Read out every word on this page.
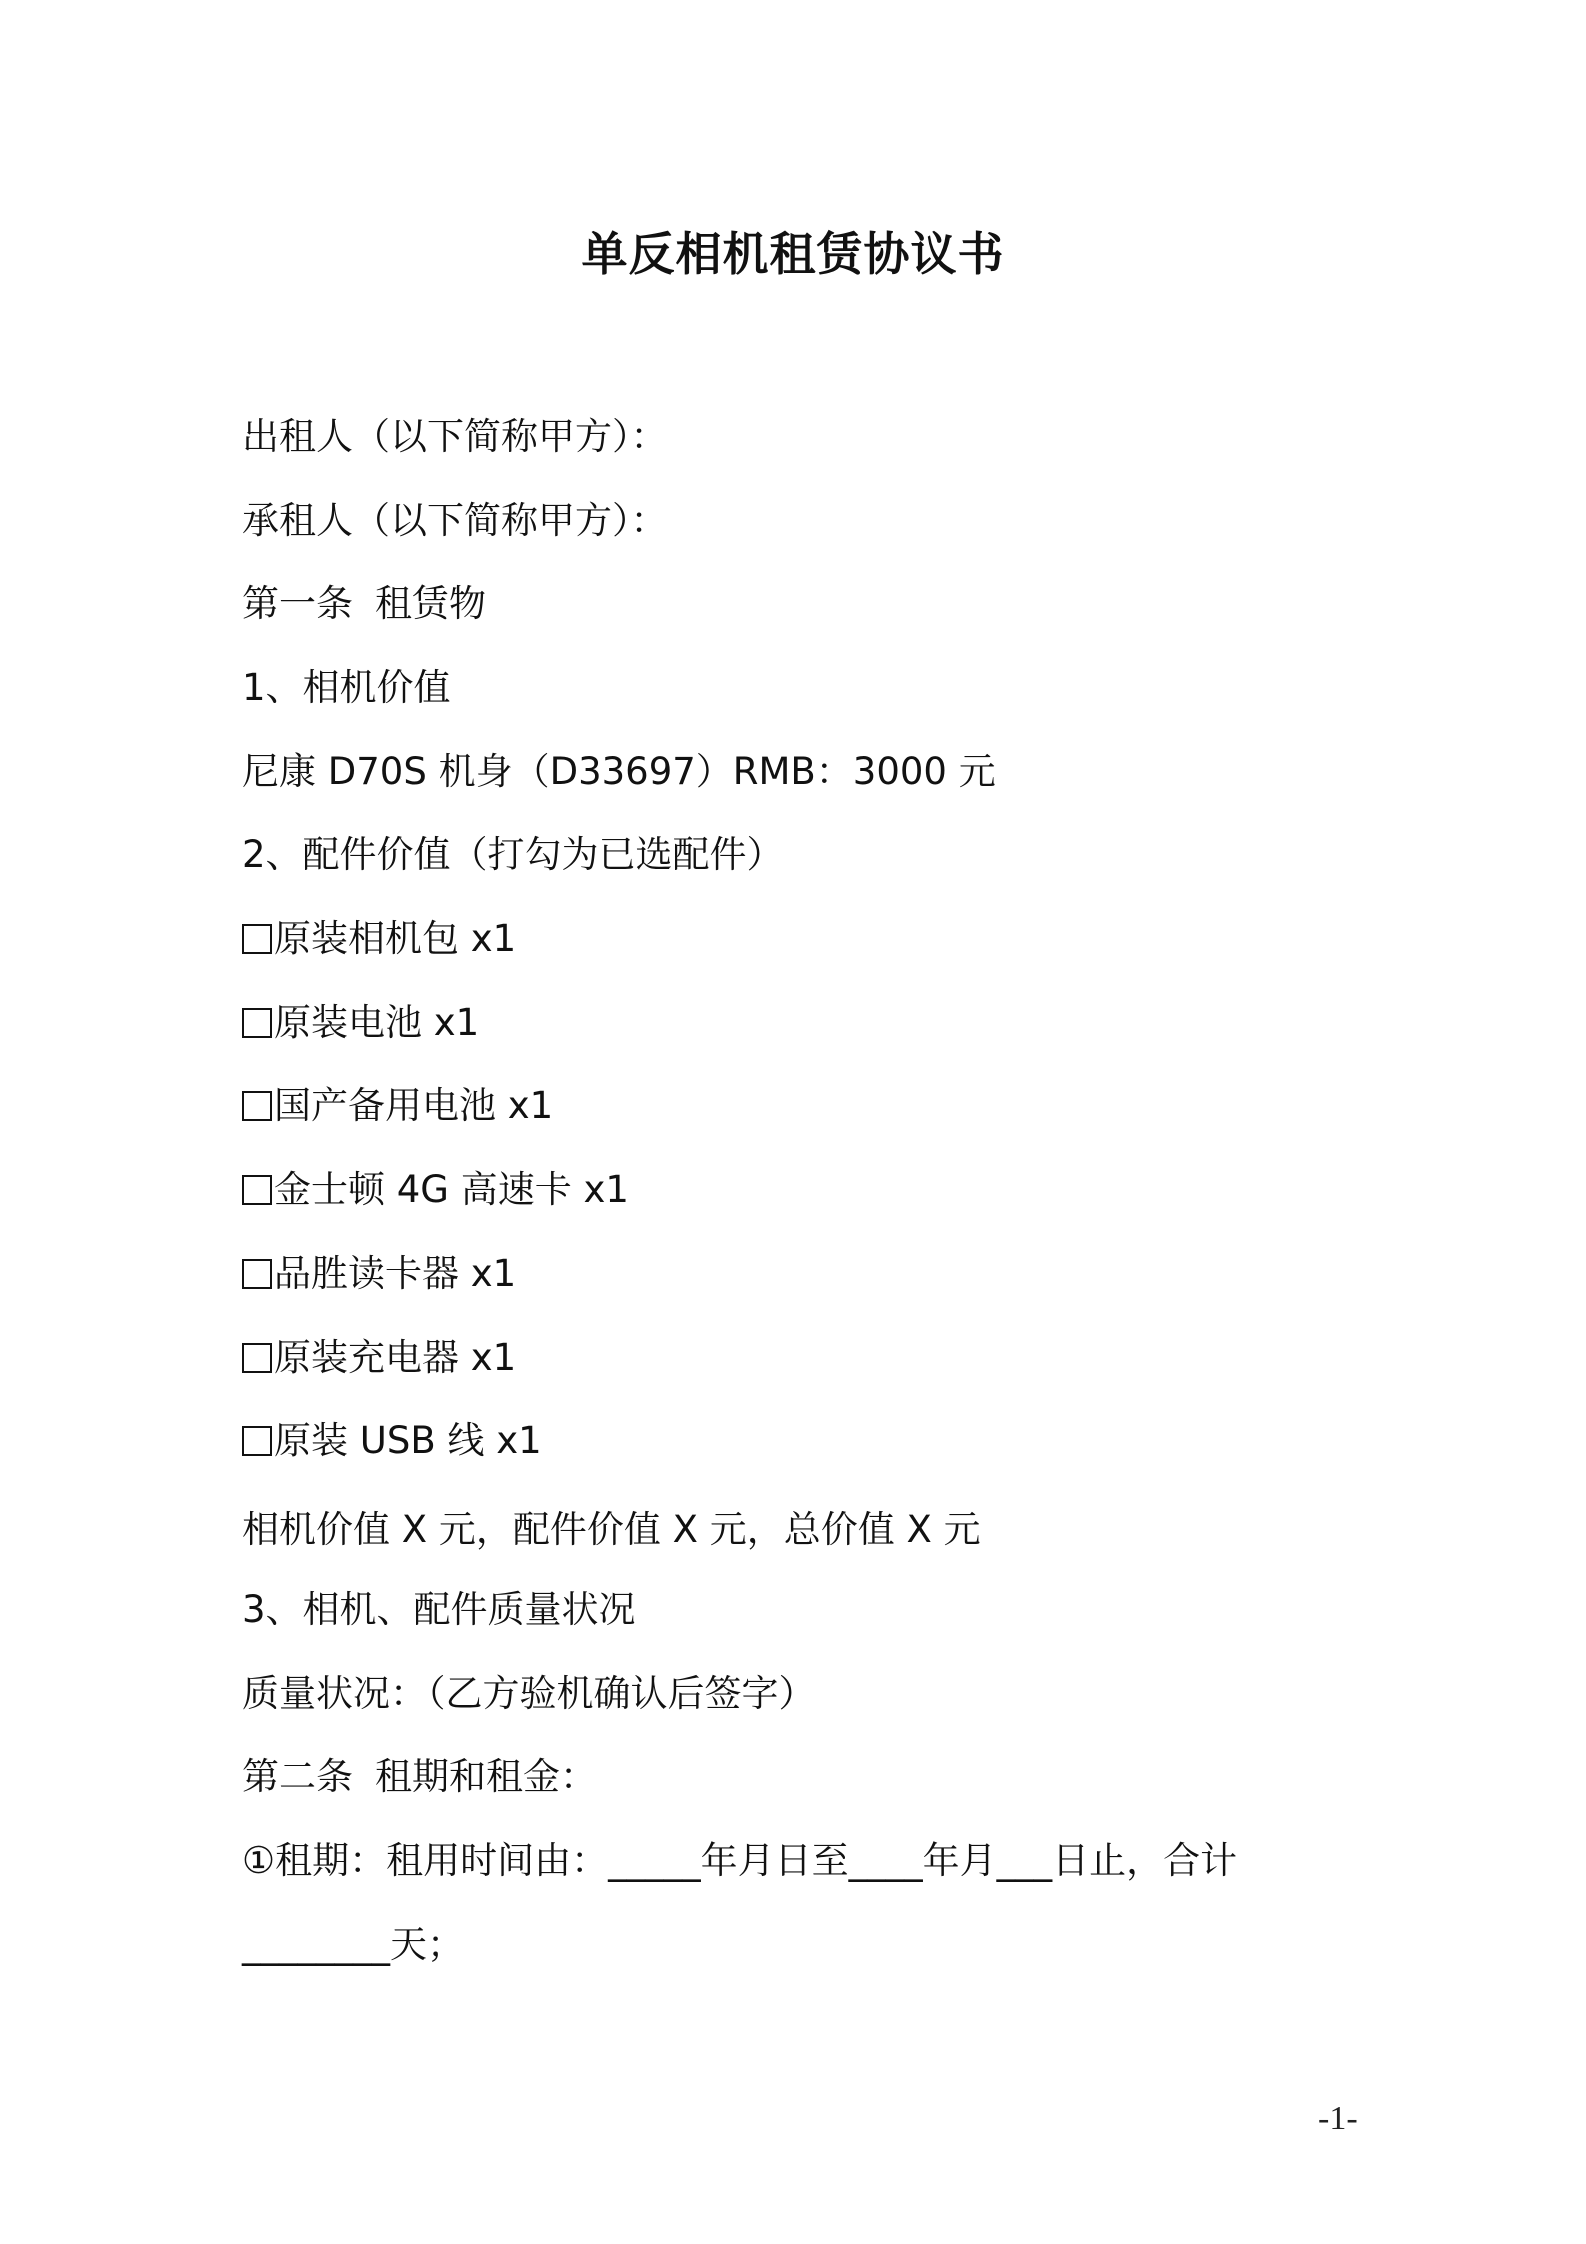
单反相机租赁协议书
出租人（以下简称甲方）：
承租人（以下简称甲方）：
第一条 租赁物
1、相机价值
尼康 D70S 机身（D33697）RMB：3000 元
2、配件价值（打勾为已选配件）
原装相机包 x1
原装电池 x1
国产备用电池 x1
金士顿 4G 高速卡 x1
品胜读卡器 x1
原装充电器 x1
原装 USB 线 x1
相机价值 X 元，配件价值 X 元，总价值 X 元
3、相机、配件质量状况
质量状况：（乙方验机确认后签字）
第二条 租期和租金：
①租期：租用时间由：_____年月日至____年月___日止，合计
________天；
-1-
